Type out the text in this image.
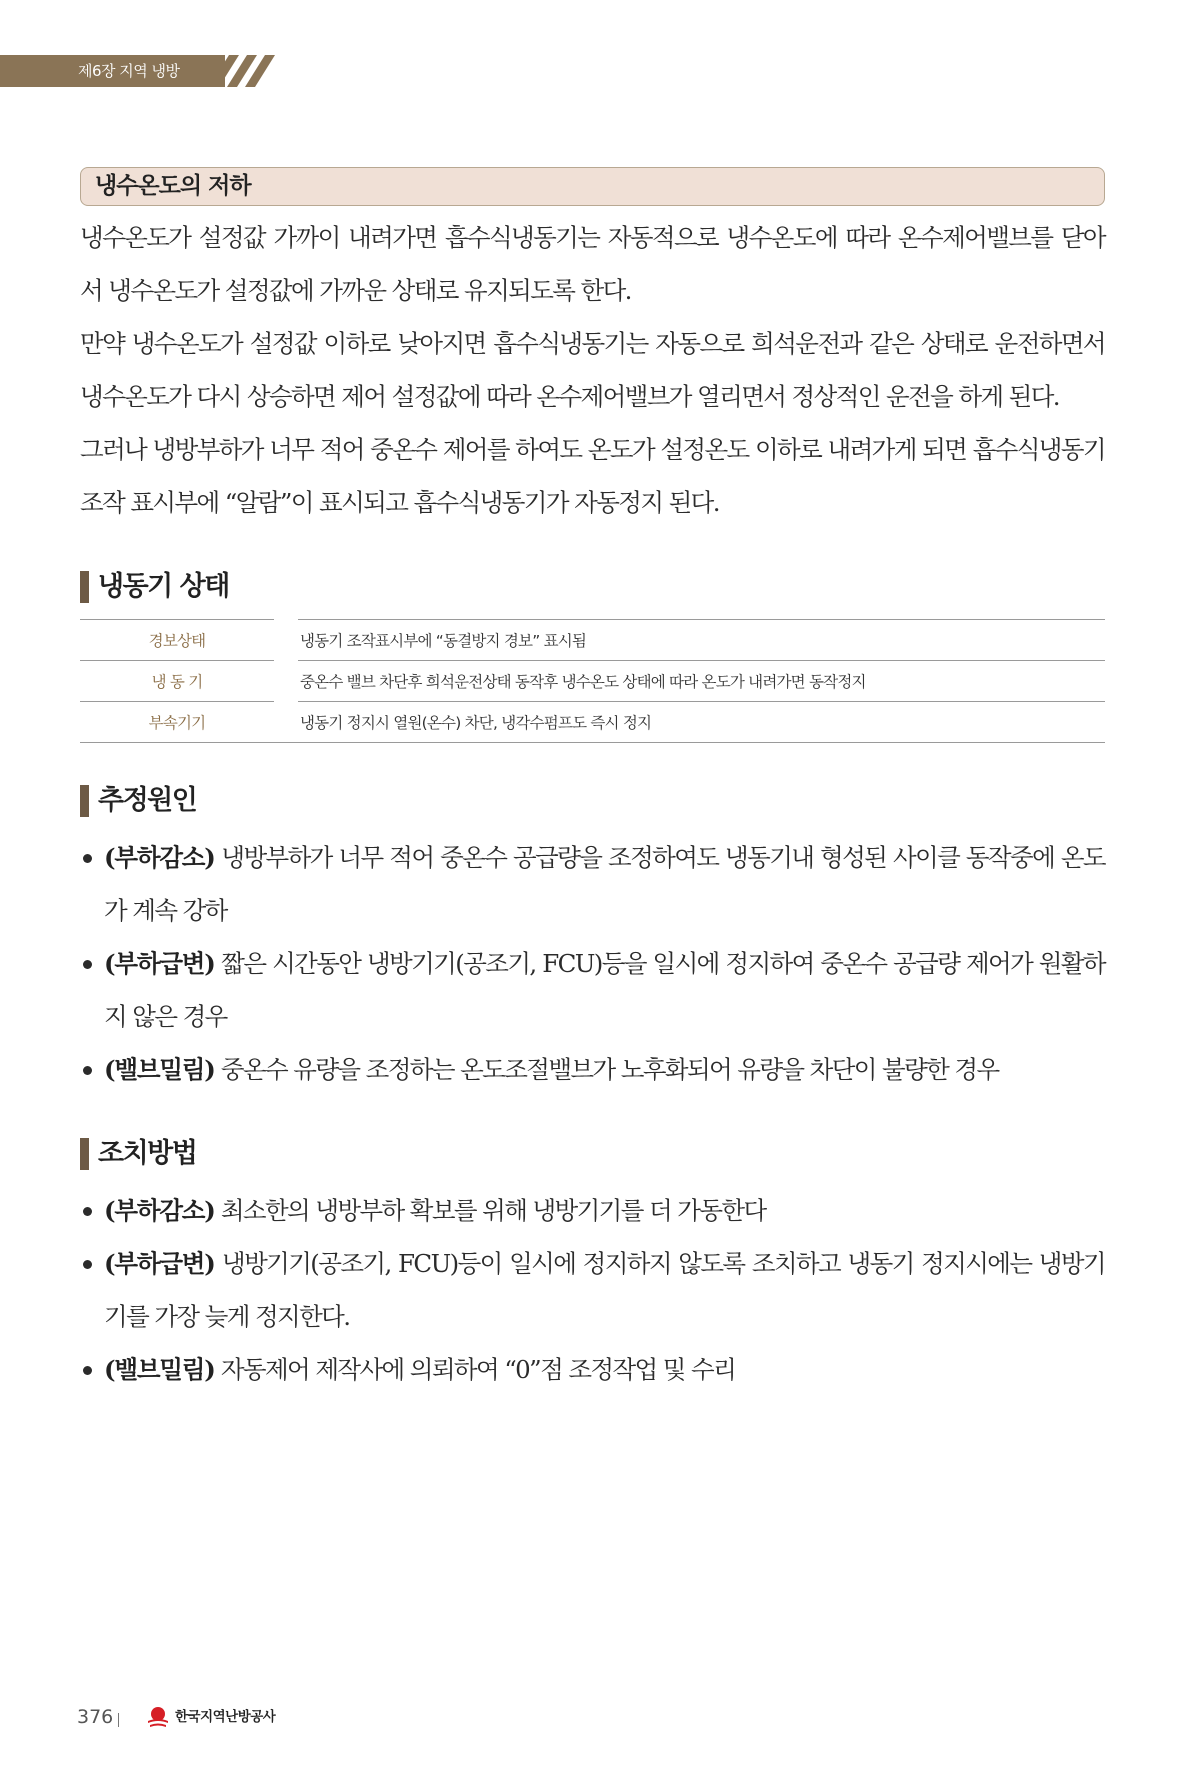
제6장 지역 냉방
냉수온도의 저하

냉수온도가 설정값 가까이 내려가면 흡수식냉동기는 자동적으로 냉수온도에 따라 온수제어밸브를 닫아서 냉수온도가 설정값에 가까운 상태로 유지되도록 한다.

만약 냉수온도가 설정값 이하로 낮아지면 흡수식냉동기는 자동으로 희석운전과 같은 상태로 운전하면서 냉수온도가 다시 상승하면 제어 설정값에 따라 온수제어밸브가 열리면서 정상적인 운전을 하게 된다.

그러나 냉방부하가 너무 적어 중온수 제어를 하여도 온도가 설정온도 이하로 내려가게 되면 흡수식냉동기 조작 표시부에 “알람”이 표시되고 흡수식냉동기가 자동정지 된다.

냉동기 상태
경보상태		냉동기 조작표시부에 “동결방지 경보” 표시됨
냉 동 기		중온수 밸브 차단후 희석운전상태 동작후 냉수온도 상태에 따라 온도가 내려가면 동작정지
부속기기		냉동기 정지시 열원(온수) 차단, 냉각수펌프도 즉시 정지
추정원인
(부하감소) 냉방부하가 너무 적어 중온수 공급량을 조정하여도 냉동기내 형성된 사이클 동작중에 온도가 계속 강하
(부하급변) 짧은 시간동안 냉방기기(공조기, FCU)등을 일시에 정지하여 중온수 공급량 제어가 원활하지 않은 경우
(밸브밀림) 중온수 유량을 조정하는 온도조절밸브가 노후화되어 유량을 차단이 불량한 경우
조치방법
(부하감소) 최소한의 냉방부하 확보를 위해 냉방기기를 더 가동한다
(부하급변) 냉방기기(공조기, FCU)등이 일시에 정지하지 않도록 조치하고 냉동기 정지시에는 냉방기기를 가장 늦게 정지한다.
(밸브밀림) 자동제어 제작사에 의뢰하여 “0”점 조정작업 및 수리
376	한국지역난방공사
